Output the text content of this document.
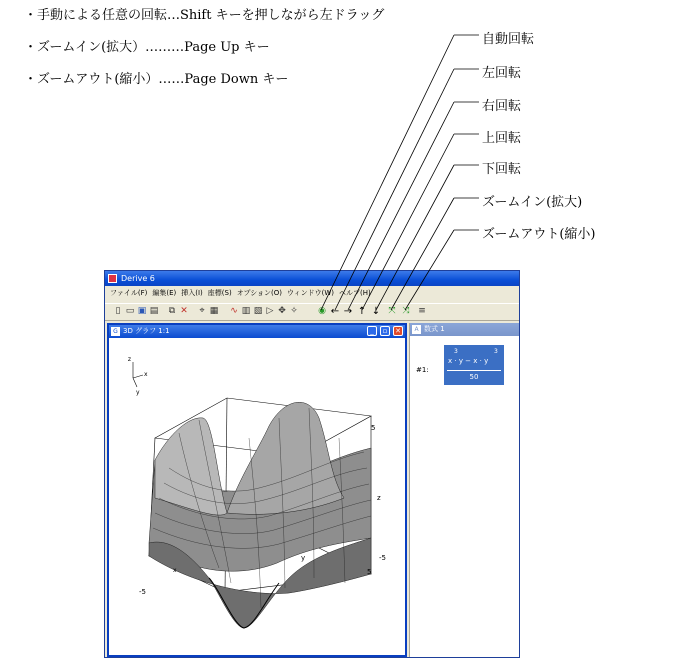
・手動による任意の回転…Shift キーを押しながら左ドラッグ
・ズームイン(拡大）………Page Up キー
・ズームアウト(縮小）……Page Down キー
自動回転
左回転
右回転
上回転
下回転
ズームイン(拡大)
ズームアウト(縮小)
Derive 6
ファイル(F) 編集(E) 挿入(I) 座標(S) オプション(O) ウィンドウ(W) ヘルプ(H)
▯ ▭ ▣ ▤ ⧉ ✕ ⌖ ▦ ∿ ▥ ▧ ▷ ✥ ✧ ◉ ← → ↑ ↓ ⤧ ⤨ ≡
G 3D グラフ 1:1	_	▫	✕
z
x
y
5
z
-5
y
x	5
-5
A 数式 1
#1:
3	3
x · y − x · y
50
